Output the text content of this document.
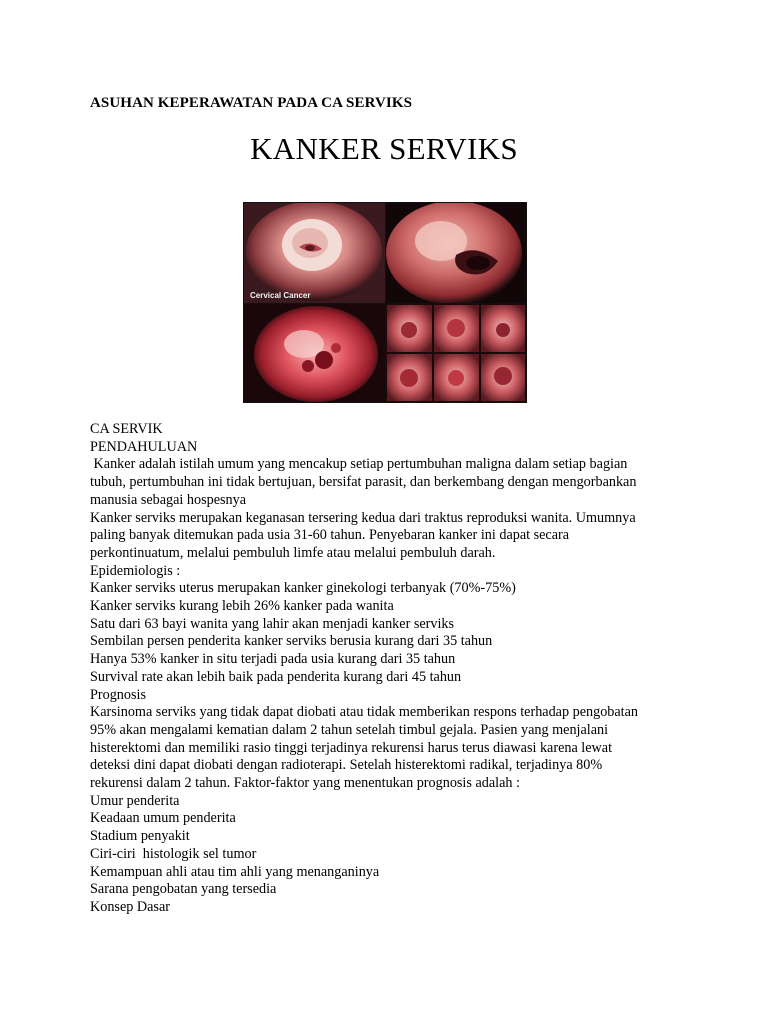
ASUHAN KEPERAWATAN PADA CA SERVIKS
KANKER SERVIKS
Cervical Cancer
CA SERVIK
PENDAHULUAN
Kanker adalah istilah umum yang mencakup setiap pertumbuhan maligna dalam setiap bagian
tubuh, pertumbuhan ini tidak bertujuan, bersifat parasit, dan berkembang dengan mengorbankan
manusia sebagai hospesnya
Kanker serviks merupakan keganasan tersering kedua dari traktus reproduksi wanita. Umumnya
paling banyak ditemukan pada usia 31-60 tahun. Penyebaran kanker ini dapat secara
perkontinuatum, melalui pembuluh limfe atau melalui pembuluh darah.
Epidemiologis :
Kanker serviks uterus merupakan kanker ginekologi terbanyak (70%-75%)
Kanker serviks kurang lebih 26% kanker pada wanita
Satu dari 63 bayi wanita yang lahir akan menjadi kanker serviks
Sembilan persen penderita kanker serviks berusia kurang dari 35 tahun
Hanya 53% kanker in situ terjadi pada usia kurang dari 35 tahun
Survival rate akan lebih baik pada penderita kurang dari 45 tahun
Prognosis
Karsinoma serviks yang tidak dapat diobati atau tidak memberikan respons terhadap pengobatan
95% akan mengalami kematian dalam 2 tahun setelah timbul gejala. Pasien yang menjalani
histerektomi dan memiliki rasio tinggi terjadinya rekurensi harus terus diawasi karena lewat
deteksi dini dapat diobati dengan radioterapi. Setelah histerektomi radikal, terjadinya 80%
rekurensi dalam 2 tahun. Faktor-faktor yang menentukan prognosis adalah :
Umur penderita
Keadaan umum penderita
Stadium penyakit
Ciri-ciri  histologik sel tumor
Kemampuan ahli atau tim ahli yang menanganinya
Sarana pengobatan yang tersedia
Konsep Dasar
